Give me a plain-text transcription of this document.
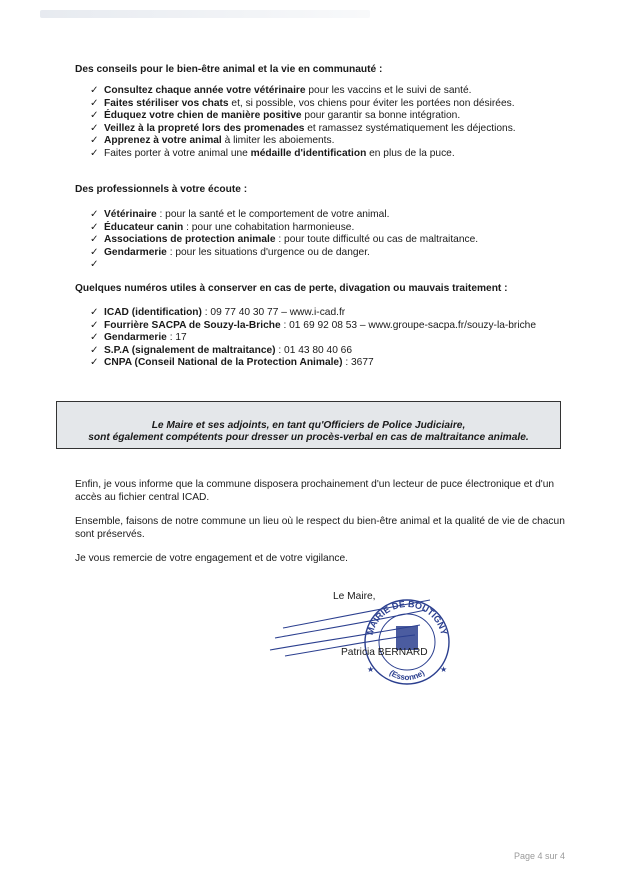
Des conseils pour le bien-être animal et la vie en communauté :
✓ Consultez chaque année votre vétérinaire pour les vaccins et le suivi de santé.
✓ Faites stériliser vos chats et, si possible, vos chiens pour éviter les portées non désirées.
✓ Éduquez votre chien de manière positive pour garantir sa bonne intégration.
✓ Veillez à la propreté lors des promenades et ramassez systématiquement les déjections.
✓ Apprenez à votre animal à limiter les aboiements.
✓ Faites porter à votre animal une médaille d'identification en plus de la puce.
Des professionnels à votre écoute :
✓ Vétérinaire : pour la santé et le comportement de votre animal.
✓ Éducateur canin : pour une cohabitation harmonieuse.
✓ Associations de protection animale : pour toute difficulté ou cas de maltraitance.
✓ Gendarmerie : pour les situations d'urgence ou de danger.
✓
Quelques numéros utiles à conserver en cas de perte, divagation ou mauvais traitement :
✓ ICAD (identification) : 09 77 40 30 77 – www.i-cad.fr
✓ Fourrière SACPA de Souzy-la-Briche : 01 69 92 08 53 – www.groupe-sacpa.fr/souzy-la-briche
✓ Gendarmerie : 17
✓ S.P.A (signalement de maltraitance) : 01 43 80 40 66
✓ CNPA (Conseil National de la Protection Animale) : 3677
Le Maire et ses adjoints, en tant qu'Officiers de Police Judiciaire,
sont également compétents pour dresser un procès-verbal en cas de maltraitance animale.
Enfin, je vous informe que la commune disposera prochainement d'un lecteur de puce électronique et d'un accès au fichier central ICAD.
Ensemble, faisons de notre commune un lieu où le respect du bien-être animal et la qualité de vie de chacun sont préservés.
Je vous remercie de votre engagement et de votre vigilance.
Le Maire,
MAIRIE DE BOUTIGNY
(Essonne)
★	★
Patricia BERNARD
Page 4 sur 4
